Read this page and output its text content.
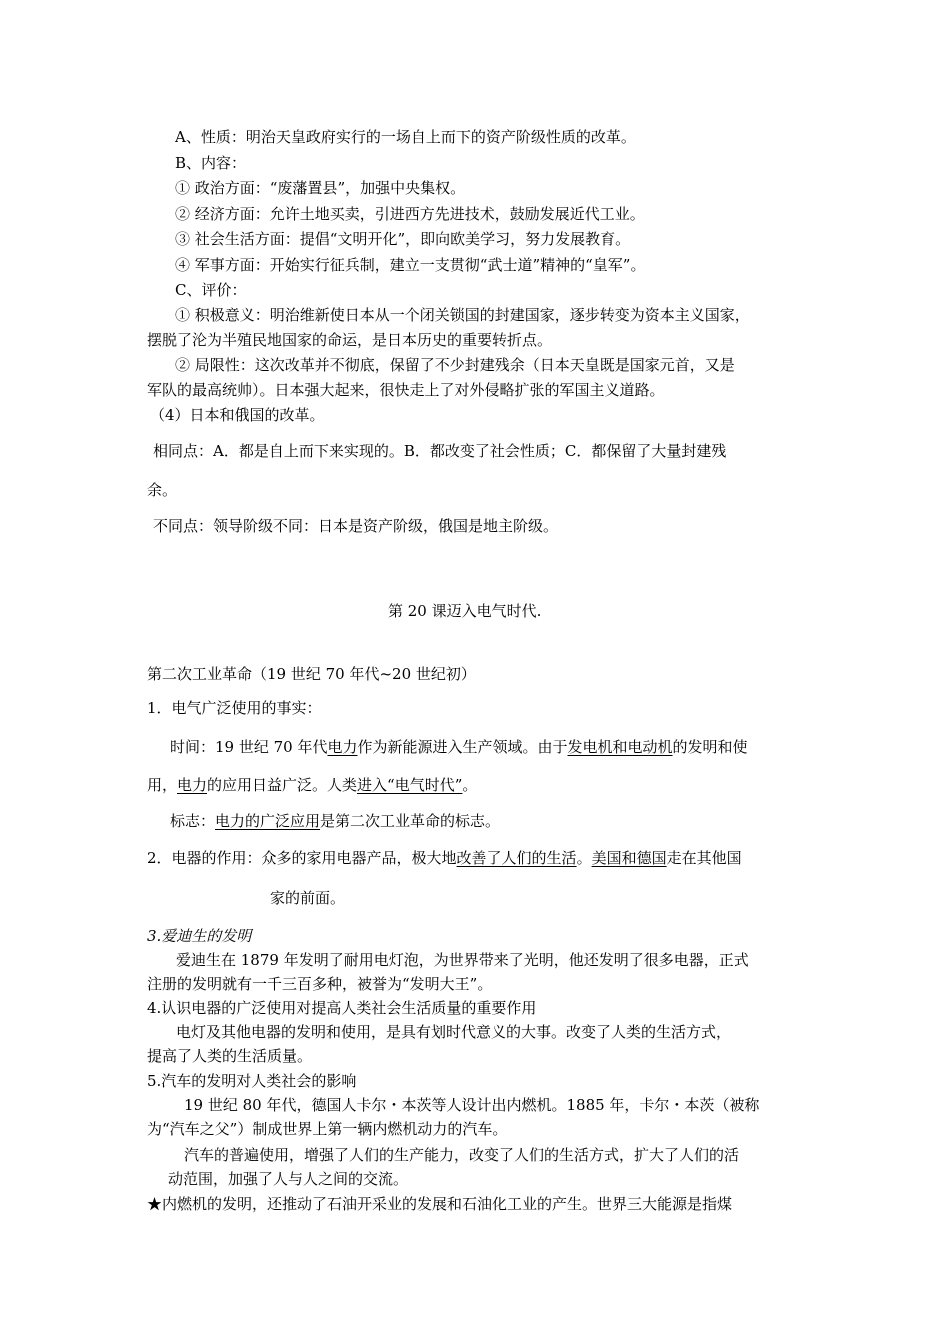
A、性质：明治天皇政府实行的一场自上而下的资产阶级性质的改革。
B、内容：
① 政治方面：“废藩置县”，加强中央集权。
② 经济方面：允许土地买卖，引进西方先进技术，鼓励发展近代工业。
③ 社会生活方面：提倡“文明开化”，即向欧美学习，努力发展教育。
④ 军事方面：开始实行征兵制，建立一支贯彻“武士道”精神的“皇军”。
C、评价：
① 积极意义：明治维新使日本从一个闭关锁国的封建国家，逐步转变为资本主义国家，
摆脱了沦为半殖民地国家的命运，是日本历史的重要转折点。
② 局限性：这次改革并不彻底，保留了不少封建残余（日本天皇既是国家元首，又是
军队的最高统帅）。日本强大起来，很快走上了对外侵略扩张的军国主义道路。
（4）日本和俄国的改革。
相同点：A．都是自上而下来实现的。B．都改变了社会性质；C．都保留了大量封建残
余。
不同点：领导阶级不同：日本是资产阶级，俄国是地主阶级。
第 20 课迈入电气时代.
第二次工业革命（19 世纪 70 年代~20 世纪初）
1．电气广泛使用的事实：
时间：19 世纪 70 年代电力作为新能源进入生产领域。由于发电机和电动机的发明和使
用，电力的应用日益广泛。人类进入“电气时代”。
标志：电力的广泛应用是第二次工业革命的标志。
2．电器的作用：众多的家用电器产品，极大地改善了人们的生活。美国和德国走在其他国
家的前面。
3.爱迪生的发明
爱迪生在 1879 年发明了耐用电灯泡，为世界带来了光明，他还发明了很多电器，正式
注册的发明就有一千三百多种，被誉为“发明大王”。
4.认识电器的广泛使用对提高人类社会生活质量的重要作用
电灯及其他电器的发明和使用，是具有划时代意义的大事。改变了人类的生活方式，
提高了人类的生活质量。
5.汽车的发明对人类社会的影响
19 世纪 80 年代，德国人卡尔・本茨等人设计出内燃机。1885 年，卡尔・本茨（被称
为“汽车之父”）制成世界上第一辆内燃机动力的汽车。
汽车的普遍使用，增强了人们的生产能力，改变了人们的生活方式，扩大了人们的活
动范围，加强了人与人之间的交流。
★内燃机的发明，还推动了石油开采业的发展和石油化工业的产生。世界三大能源是指煤
